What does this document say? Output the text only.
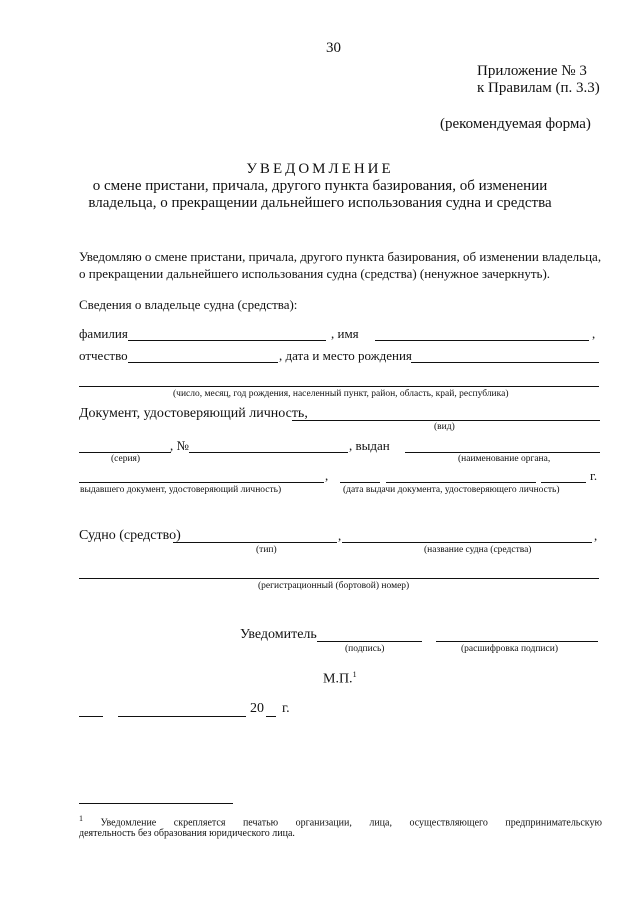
30
Приложение № 3
к Правилам (п. 3.3)
(рекомендуемая форма)
УВЕДОМЛЕНИЕ
о смене пристани, причала, другого пункта базирования, об изменении
владельца, о прекращении дальнейшего использования судна и средства
Уведомляю о смене пристани, причала, другого пункта базирования, об изменении владельца,
о прекращении дальнейшего использования судна (средства) (ненужное зачеркнуть).
Сведения о владельце судна (средства):
фамилия	, имя	,
отчество	, дата и место рождения
(число, месяц, год рождения, населенный пункт, район, область, край, республика)
Документ, удостоверяющий личность,
(вид)
, №	, выдан
(серия)	(наименование органа,
,	г.
выдавшего документ, удостоверяющий личность)	(дата выдачи документа, удостоверяющего личность)
Судно (средство)	,	,
(тип)	(название судна (средства)
(регистрационный (бортовой) номер)
Уведомитель
(подпись)	(расшифровка подписи)
М.П.$^1$
20 г.
$^1$ Уведомление скрепляется печатью организации, лица, осуществляющего предпринимательскую
деятельность без образования юридического лица.
